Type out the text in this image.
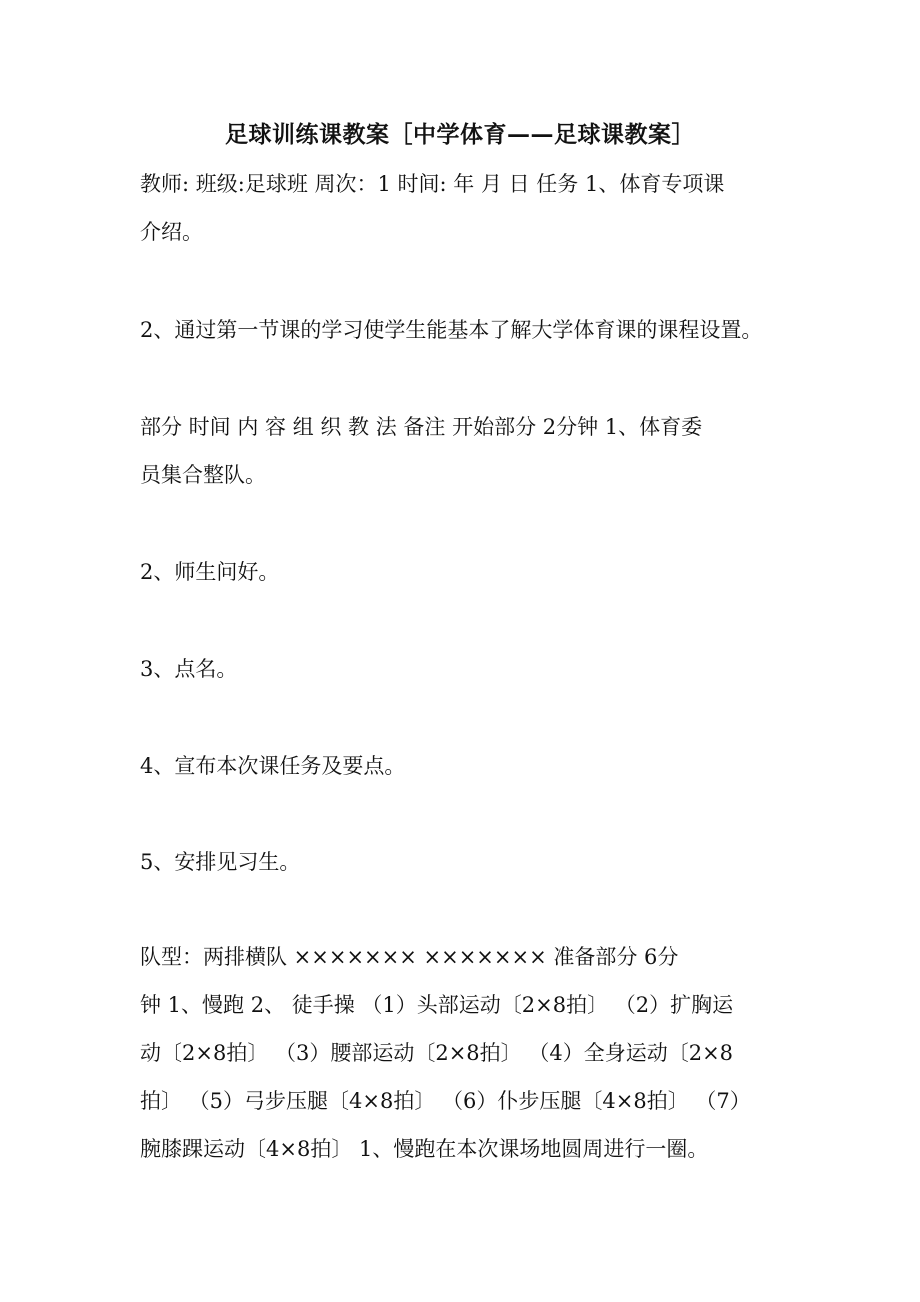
足球训练课教案［中学体育——足球课教案］
教师: 班级:足球班 周次：1 时间: 年 月 日 任务 1、体育专项课
介绍。
2、通过第一节课的学习使学生能基本了解大学体育课的课程设置。
部分 时间 内 容 组 织 教 法 备注 开始部分 2分钟 1、体育委
员集合整队。
2、师生问好。
3、点名。
4、宣布本次课任务及要点。
5、安排见习生。
队型：两排横队 ××××××× ××××××× 准备部分 6分
钟 1、慢跑 2、 徒手操 （1）头部运动〔2×8拍〕 （2）扩胸运
动〔2×8拍〕 （3）腰部运动〔2×8拍〕 （4）全身运动〔2×8
拍〕 （5）弓步压腿〔4×8拍〕 （6）仆步压腿〔4×8拍〕 （7）
腕膝踝运动〔4×8拍〕 1、慢跑在本次课场地圆周进行一圈。
